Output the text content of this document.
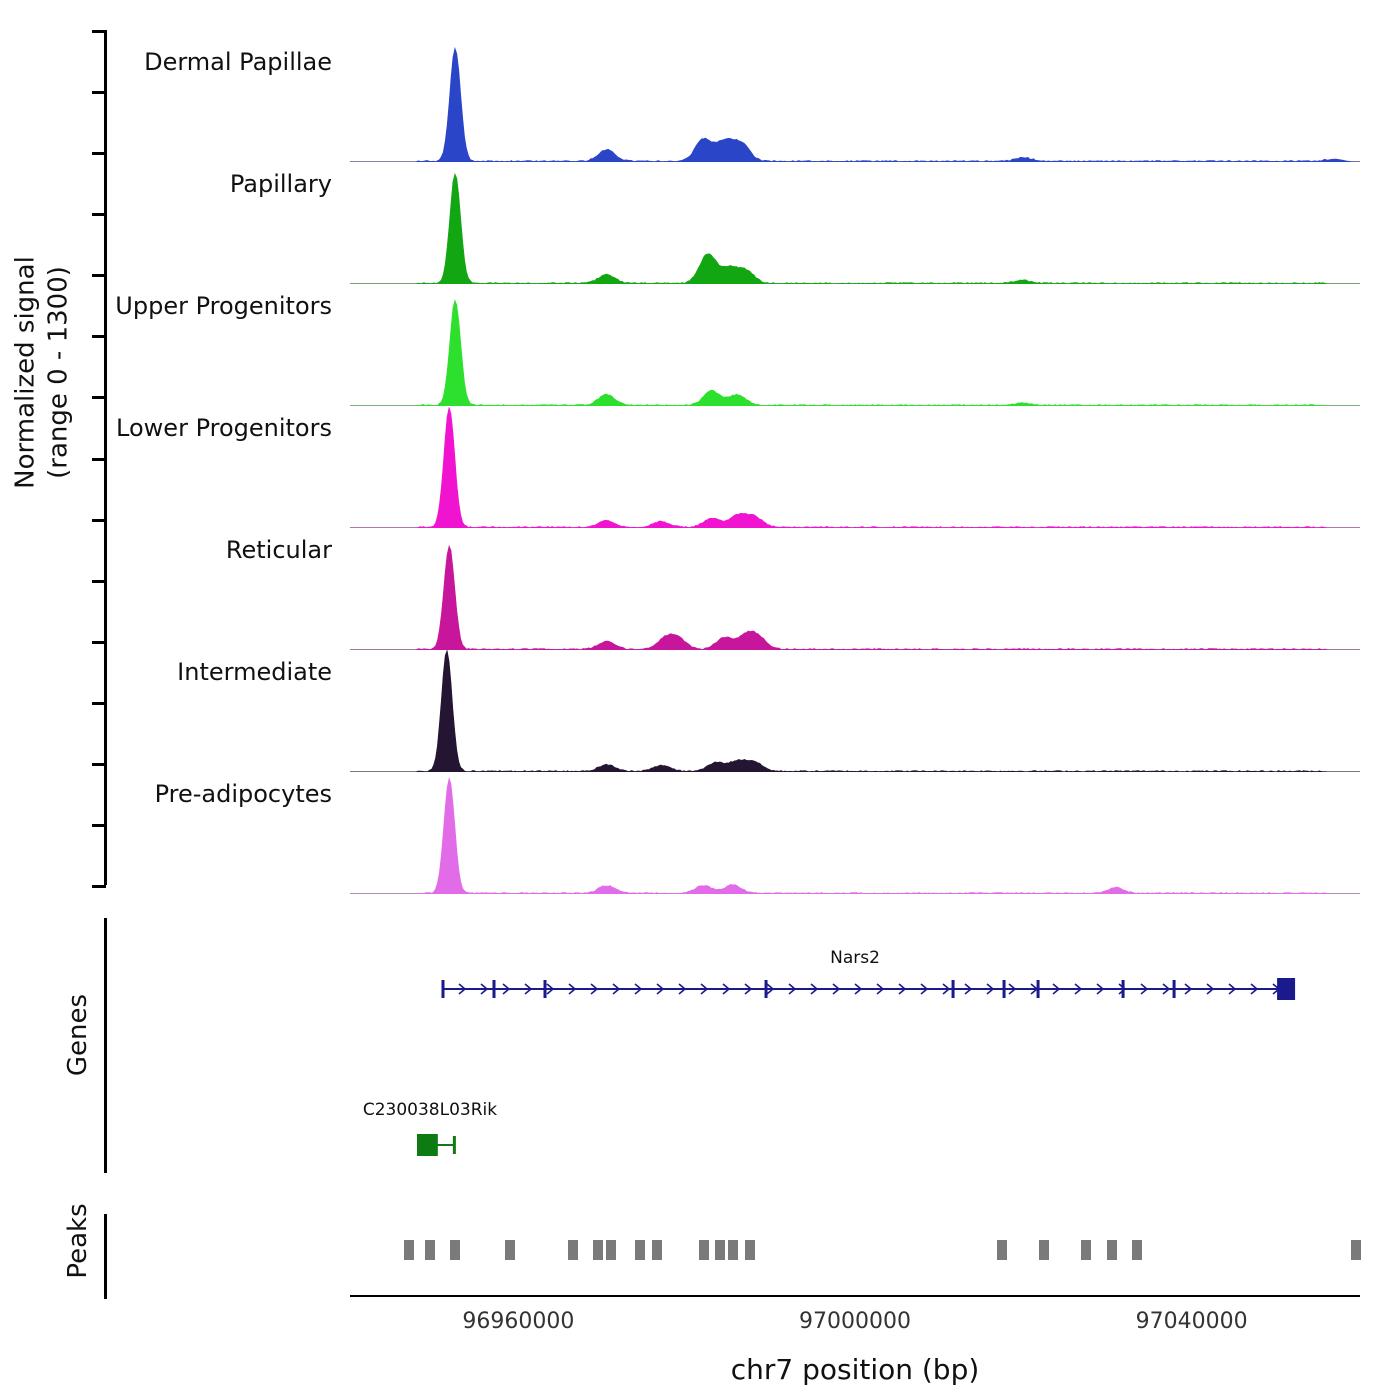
Normalized signal (range 0 - 1300)
Dermal Papillae
Papillary
Upper Progenitors
Lower Progenitors
Reticular
Intermediate
Pre-adipocytes
Genes
Nars2
C230038L03Rik
Peaks
96960000	97000000	97040000
chr7 position (bp)
